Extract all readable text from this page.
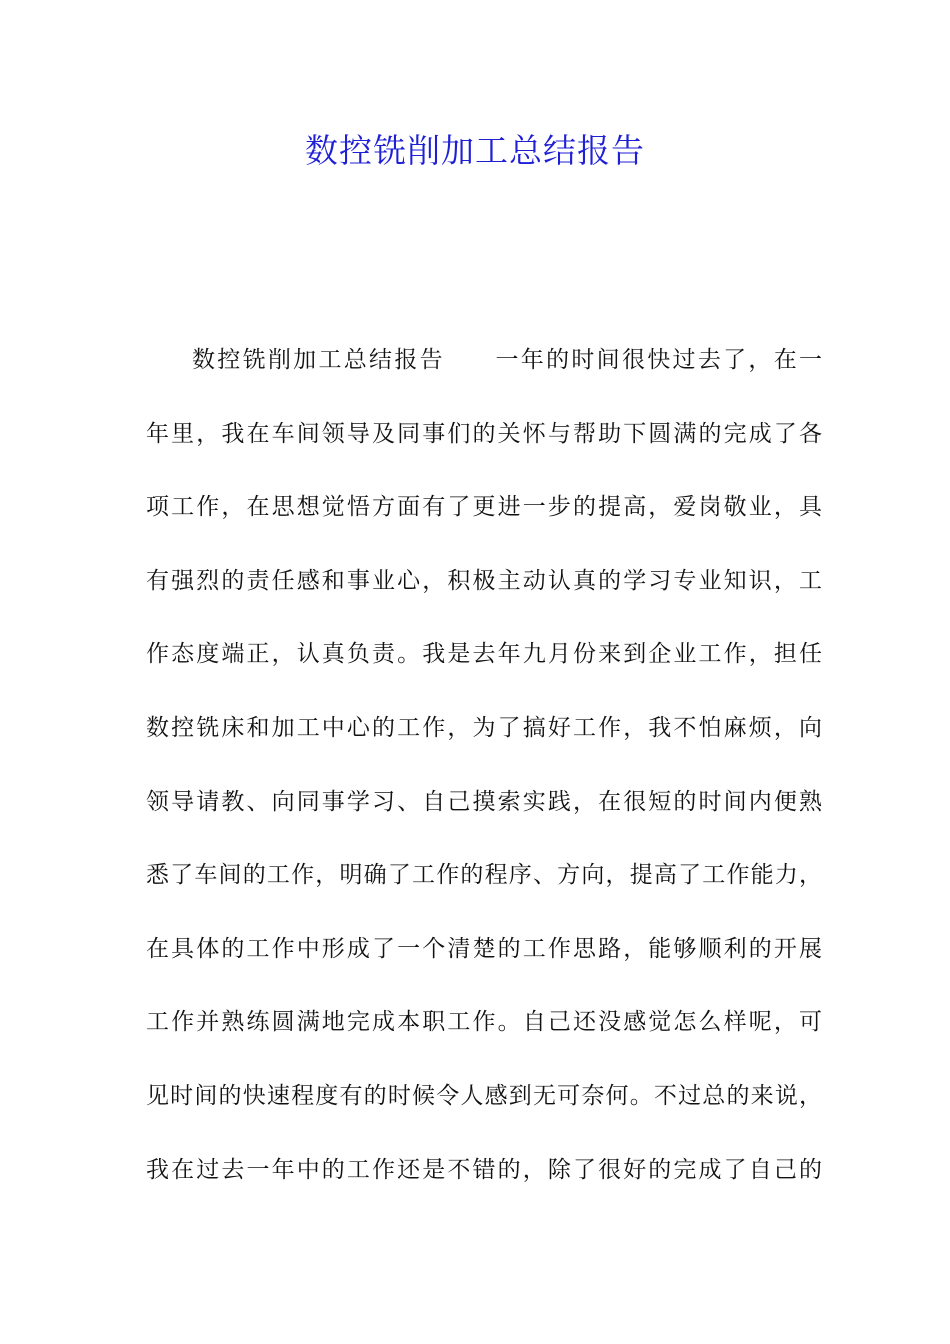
数控铣削加工总结报告
数控铣削加工总结报告　　一年的时间很快过去了，在一
年里，我在车间领导及同事们的关怀与帮助下圆满的完成了各
项工作，在思想觉悟方面有了更进一步的提高，爱岗敬业，具
有强烈的责任感和事业心，积极主动认真的学习专业知识，工
作态度端正，认真负责。我是去年九月份来到企业工作，担任
数控铣床和加工中心的工作，为了搞好工作，我不怕麻烦，向
领导请教、向同事学习、自己摸索实践，在很短的时间内便熟
悉了车间的工作，明确了工作的程序、方向，提高了工作能力，
在具体的工作中形成了一个清楚的工作思路，能够顺利的开展
工作并熟练圆满地完成本职工作。自己还没感觉怎么样呢，可
见时间的快速程度有的时候令人感到无可奈何。不过总的来说，
我在过去一年中的工作还是不错的，除了很好的完成了自己的
